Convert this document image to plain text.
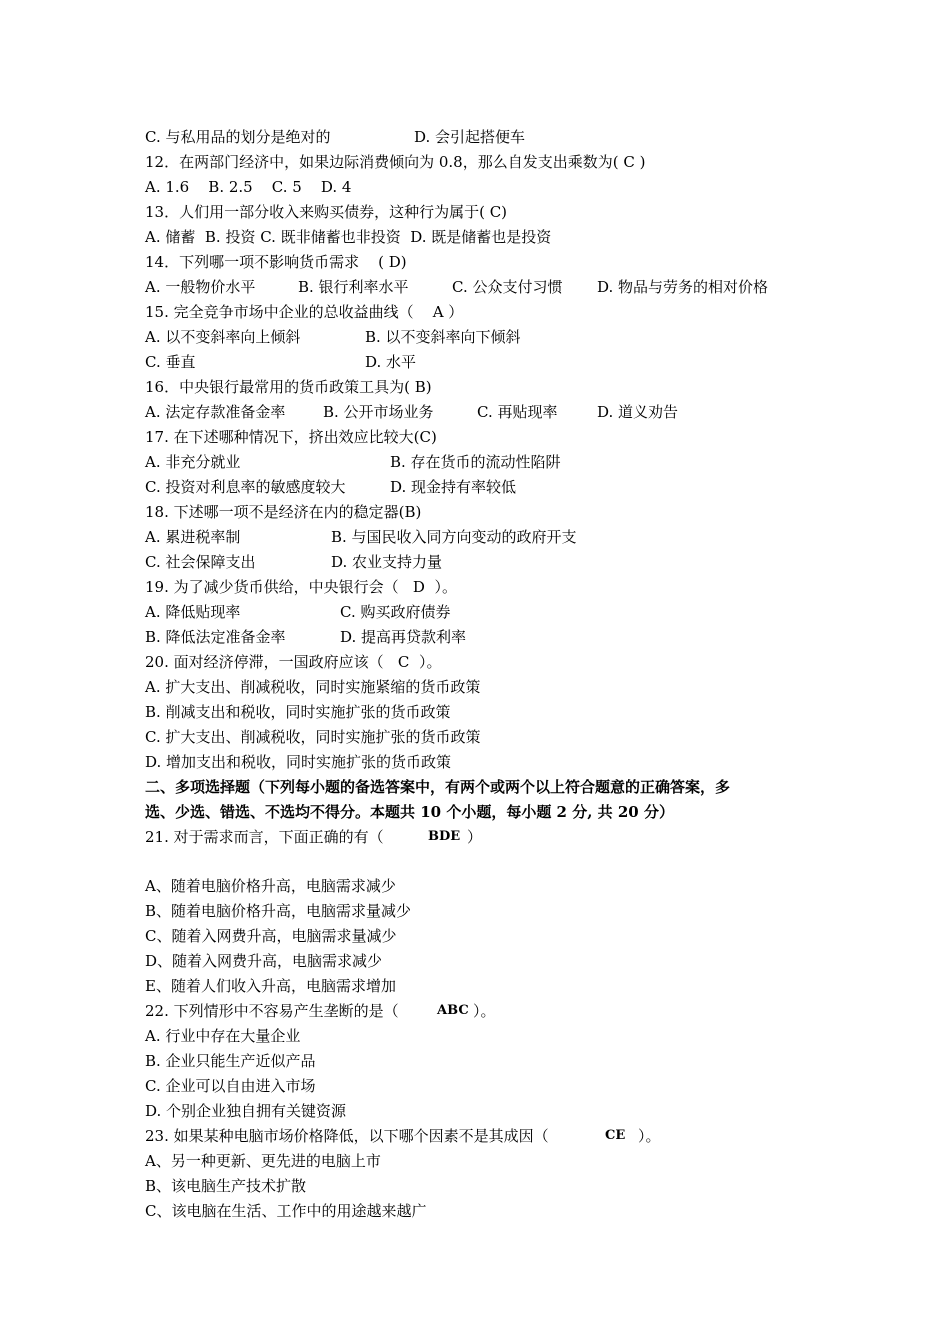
C. 与私用品的划分是绝对的

	D. 会引起搭便车

12．在两部门经济中，如果边际消费倾向为 0.8，那么自发支出乘数为( C )
A. 1.6    B. 2.5    C. 5    D. 4
13．人们用一部分收入来购买债券，这种行为属于( C)
A. 储蓄  B. 投资 C. 既非储蓄也非投资  D. 既是储蓄也是投资
14．下列哪一项不影响货币需求    ( D)

A. 一般物价水平

	B. 银行利率水平

	C. 公众支付习惯

D. 物品与劳务的相对价格

15. 完全竞争市场中企业的总收益曲线（    A ）

A. 以不变斜率向上倾斜

	B. 以不变斜率向下倾斜

C. 垂直

	D. 水平

16．中央银行最常用的货币政策工具为( B)

A. 法定存款准备金率

	B. 公开市场业务

	C. 再贴现率

	D. 道义劝告

17. 在下述哪种情况下，挤出效应比较大(C)

A. 非充分就业

	B. 存在货币的流动性陷阱

C. 投资对利息率的敏感度较大

	D. 现金持有率较低

18. 下述哪一项不是经济在内的稳定器(B)

A. 累进税率制

	B. 与国民收入同方向变动的政府开支

C. 社会保障支出

	D. 农业支持力量

19. 为了减少货币供给，中央银行会（   D  ）。

A. 降低贴现率

	C. 购买政府债券

B. 降低法定准备金率

	D. 提高再贷款利率

20. 面对经济停滞，一国政府应该（   C  ）。
A. 扩大支出、削减税收，同时实施紧缩的货币政策
B. 削减支出和税收，同时实施扩张的货币政策
C. 扩大支出、削减税收，同时实施扩张的货币政策
D. 增加支出和税收，同时实施扩张的货币政策
二、多项选择题（下列每小题的备选答案中，有两个或两个以上符合题意的正确答案，多
选、少选、错选、不选均不得分。本题共 10 个小题，每小题 2 分, 共 20 分）

21. 对于需求而言，下面正确的有（

	BDE

）

A、随着电脑价格升高，电脑需求减少
B、随着电脑价格升高，电脑需求量减少
C、随着入网费升高，电脑需求量减少
D、随着入网费升高，电脑需求减少
E、随着人们收入升高，电脑需求增加

22. 下列情形中不容易产生垄断的是（

	ABC

）。

A. 行业中存在大量企业
B. 企业只能生产近似产品
C. 企业可以自由进入市场
D. 个别企业独自拥有关键资源

23. 如果某种电脑市场价格降低，以下哪个因素不是其成因（

	CE

）。

A、另一种更新、更先进的电脑上市
B、该电脑生产技术扩散
C、该电脑在生活、工作中的用途越来越广
